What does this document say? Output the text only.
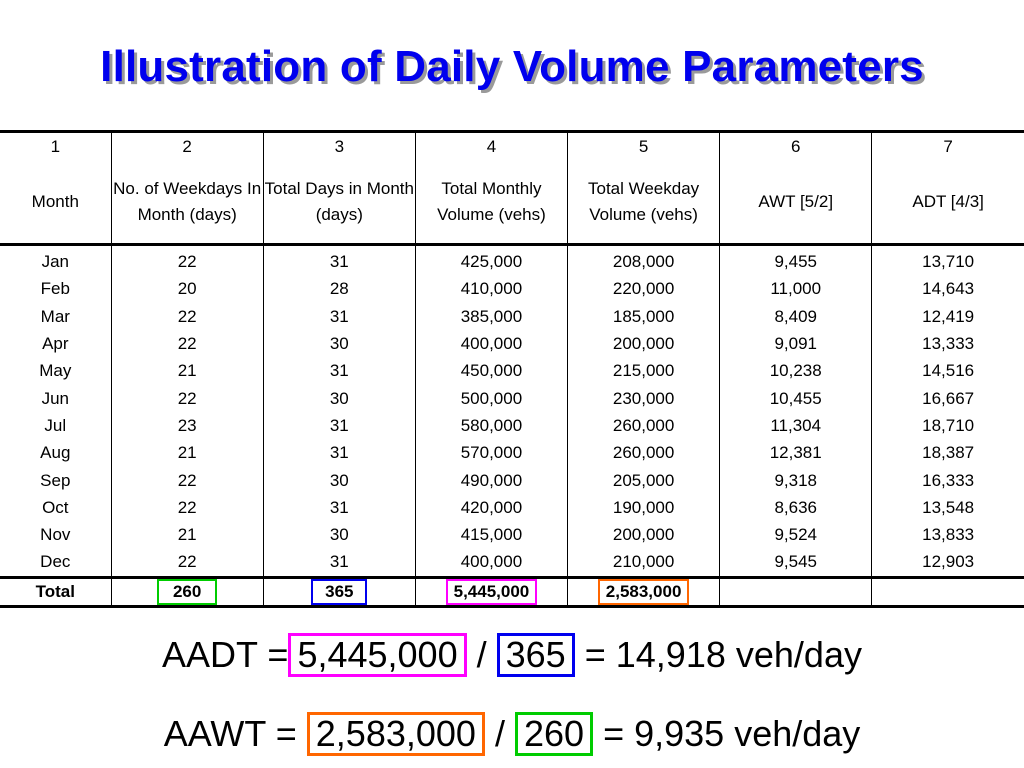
Illustration of Daily Volume Parameters
1	2	3	4	5	6	7
Month	No. of Weekdays In Month (days)	Total Days in Month (days)	Total Monthly Volume (vehs)	Total Weekday Volume (vehs)	AWT [5/2]	ADT [4/3]
Jan	22	31	425,000	208,000	9,455	13,710
Feb	20	28	410,000	220,000	11,000	14,643
Mar	22	31	385,000	185,000	8,409	12,419
Apr	22	30	400,000	200,000	9,091	13,333
May	21	31	450,000	215,000	10,238	14,516
Jun	22	30	500,000	230,000	10,455	16,667
Jul	23	31	580,000	260,000	11,304	18,710
Aug	21	31	570,000	260,000	12,381	18,387
Sep	22	30	490,000	205,000	9,318	16,333
Oct	22	31	420,000	190,000	8,636	13,548
Nov	21	30	415,000	200,000	9,524	13,833
Dec	22	31	400,000	210,000	9,545	12,903
Total	260	365	5,445,000	2,583,000		
AADT = 5,445,000 / 365 = 14,918 veh/day
AAWT = 2,583,000 / 260 = 9,935 veh/day
